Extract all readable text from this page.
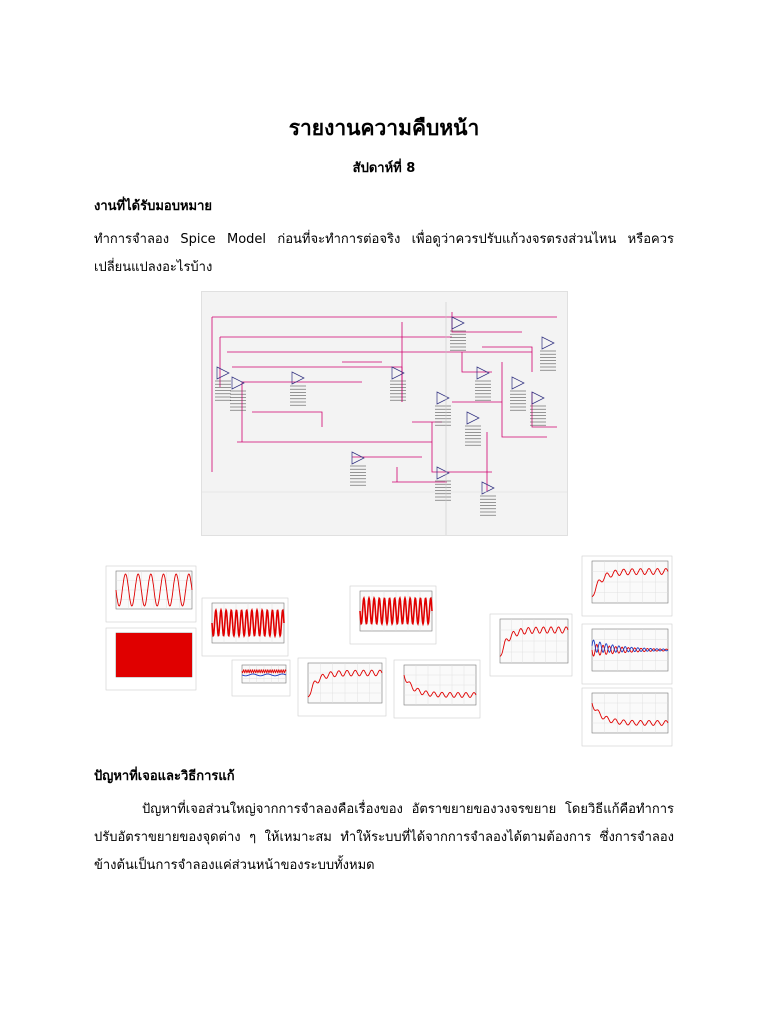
รายงานความคืบหน้า
สัปดาห์ที่ 8
งานที่ได้รับมอบหมาย
ทำการจำลอง Spice Model ก่อนที่จะทำการต่อจริง เพื่อดูว่าควรปรับแก้วงจรตรงส่วนไหน หรือควรเปลี่ยนแปลงอะไรบ้าง
ปัญหาที่เจอและวิธีการแก้
ปัญหาที่เจอส่วนใหญ่จากการจำลองคือเรื่องของ อัตราขยายของวงจรขยาย โดยวิธีแก้คือทำการปรับอัตราขยายของจุดต่าง ๆ ให้เหมาะสม ทำให้ระบบที่ได้จากการจำลองได้ตามต้องการ ซึ่งการจำลองข้างต้นเป็นการจำลองแค่ส่วนหน้าของระบบทั้งหมด
